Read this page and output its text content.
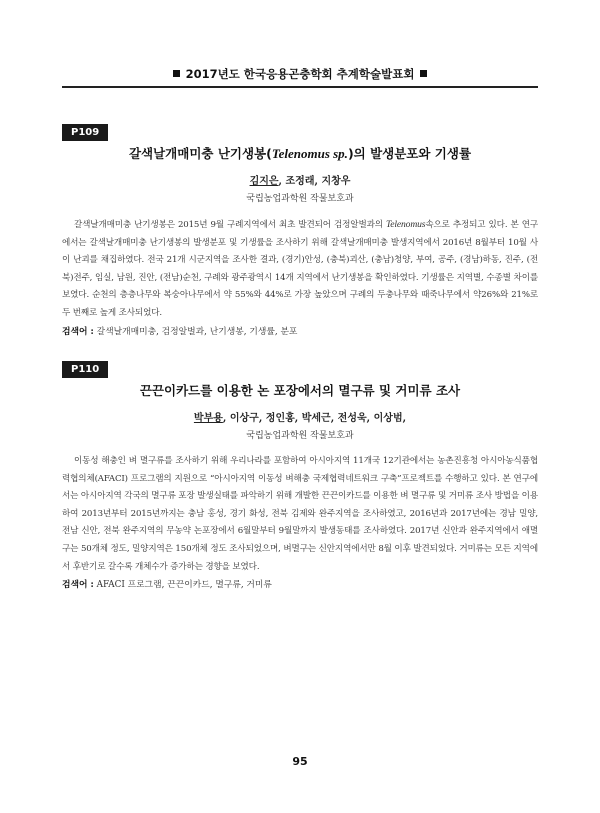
2017년도 한국응용곤충학회 추계학술발표회
P109
갈색날개매미충 난기생봉(Telenomus sp.)의 발생분포와 기생률
김지은, 조정래, 지창우
국립농업과학원 작물보호과
갈색날개매미충 난기생봉은 2015년 9월 구례지역에서 최초 발견되어 검정알벌과의 Telenomus속으로 추정되고 있다. 본 연구에서는 갈색날개매미충 난기생봉의 발생분포 및 기생률을 조사하기 위해 갈색날개매미충 발생지역에서 2016년 8월부터 10월 사이 난괴를 채집하였다. 전국 21개 시군지역을 조사한 결과, (경기)안성, (충북)괴산, (충남)청양, 부여, 공주, (경남)하동, 진주, (전북)전주, 임실, 남원, 진안, (전남)순천, 구례와 광주광역시 14개 지역에서 난기생봉을 확인하였다. 기생률은 지역별, 수종별 차이를 보였다. 순천의 층층나무와 복숭아나무에서 약 55%와 44%로 가장 높았으며 구례의 두충나무와 때죽나무에서 약26%와 21%로 두 번째로 높게 조사되었다.
검색어 : 갈색날개매미충, 검정알벌과, 난기생봉, 기생률, 분포
P110
끈끈이카드를 이용한 논 포장에서의 멸구류 및 거미류 조사
박부용, 이상구, 정인홍, 박세근, 전성욱, 이상범,
국립농업과학원 작물보호과
이동성 해충인 벼 멸구류를 조사하기 위해 우리나라를 포함하여 아시아지역 11개국 12기관에서는 농촌진흥청 아시아농식품협력협의체(AFACI) 프로그램의 지원으로 “아시아지역 이동성 벼해충 국제협력네트워크 구축”프로젝트를 수행하고 있다. 본 연구에서는 아시아지역 각국의 멸구류 포장 발생실태를 파악하기 위해 개발한 끈끈이카드를 이용한 벼 멸구류 및 거미류 조사 방법을 이용하여 2013년부터 2015년까지는 충남 홍성, 경기 화성, 전북 김제와 완주지역을 조사하였고, 2016년과 2017년에는 경남 밀양, 전남 신안, 전북 완주지역의 무농약 논포장에서 6월말부터 9월말까지 발생동태를 조사하였다. 2017년 신안과 완주지역에서 애멸구는 50개체 정도, 밀양지역은 150개체 정도 조사되었으며, 벼멸구는 신안지역에서만 8월 이후 발견되었다. 거미류는 모든 지역에서 후반기로 갈수록 개체수가 증가하는 경향을 보였다.
검색어 : AFACI 프로그램, 끈끈이카드, 멸구류, 거미류
95
